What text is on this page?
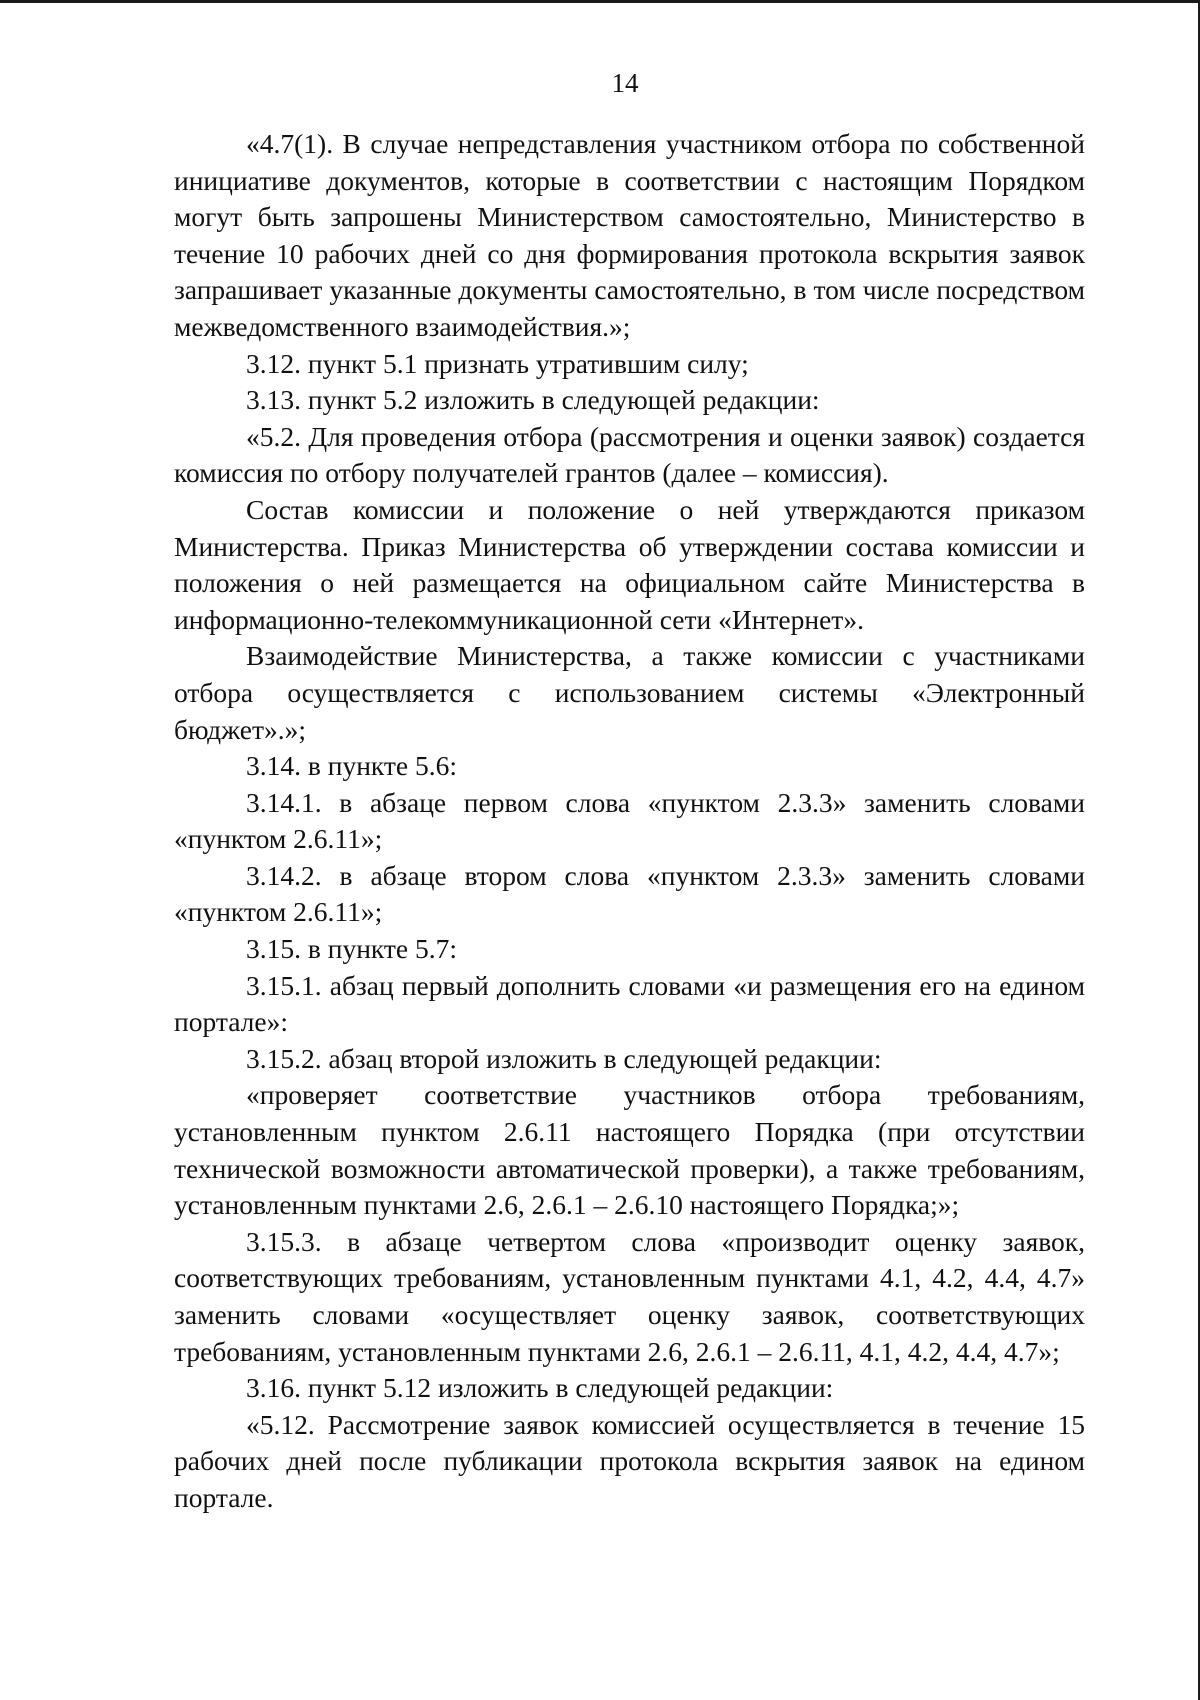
14

«4.7(1). В случае непредставления участником отбора по собственной инициативе документов, которые в соответствии с настоящим Порядком могут быть запрошены Министерством самостоятельно, Министерство в течение 10 рабочих дней со дня формирования протокола вскрытия заявок запрашивает указанные документы самостоятельно, в том числе посредством межведомственного взаимодействия.»;

3.12. пункт 5.1 признать утратившим силу;

3.13. пункт 5.2 изложить в следующей редакции:

«5.2. Для проведения отбора (рассмотрения и оценки заявок) создается комиссия по отбору получателей грантов (далее – комиссия).

Состав комиссии и положение о ней утверждаются приказом Министерства. Приказ Министерства об утверждении состава комиссии и положения о ней размещается на официальном сайте Министерства в информационно-телекоммуникационной сети «Интернет».

Взаимодействие Министерства, а также комиссии с участниками отбора осуществляется с использованием системы «Электронный бюджет».»;

3.14. в пункте 5.6:

3.14.1. в абзаце первом слова «пунктом 2.3.3» заменить словами «пунктом 2.6.11»;

3.14.2. в абзаце втором слова «пунктом 2.3.3» заменить словами «пунктом 2.6.11»;

3.15. в пункте 5.7:

3.15.1. абзац первый дополнить словами «и размещения его на едином портале»:

3.15.2. абзац второй изложить в следующей редакции:

«проверяет соответствие участников отбора требованиям, установленным пунктом 2.6.11 настоящего Порядка (при отсутствии технической возможности автоматической проверки), а также требованиям, установленным пунктами 2.6, 2.6.1 – 2.6.10 настоящего Порядка;»;

3.15.3. в абзаце четвертом слова «производит оценку заявок, соответствующих требованиям, установленным пунктами 4.1, 4.2, 4.4, 4.7» заменить словами «осуществляет оценку заявок, соответствующих требованиям, установленным пунктами 2.6, 2.6.1 – 2.6.11, 4.1, 4.2, 4.4, 4.7»;

3.16. пункт 5.12 изложить в следующей редакции:

«5.12. Рассмотрение заявок комиссией осуществляется в течение 15 рабочих дней после публикации протокола вскрытия заявок на едином портале.
